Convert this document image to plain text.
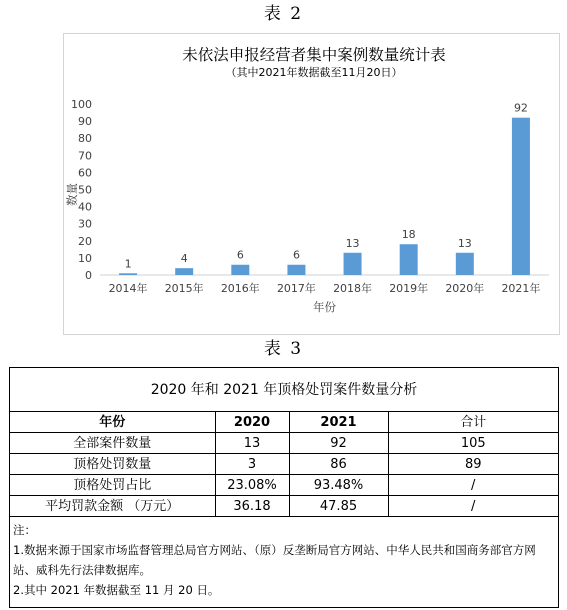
表 2
未依法申报经营者集中案例数量统计表
（其中2021年数据截至11月20日）
0
10
20
30
40
50
60
70
80
90
100
1
2014年
4
2015年
6
2016年
6
2017年
13
2018年
18
2019年
13
2020年
92
2021年
年份
数量
表 3
2020 年和 2021 年顶格处罚案件数量分析
年份	2020	2021	合计
全部案件数量	13	92	105
顶格处罚数量	3	86	89
顶格处罚占比	23.08%	93.48%	/
平均罚款金额 （万元）	36.18	47.85	/
注：
1.数据来源于国家市场监督管理总局官方网站、（原）反垄断局官方网站、中华人民共和国商务部官方网站、威科先行法律数据库。
2.其中 2021 年数据截至 11 月 20 日。
